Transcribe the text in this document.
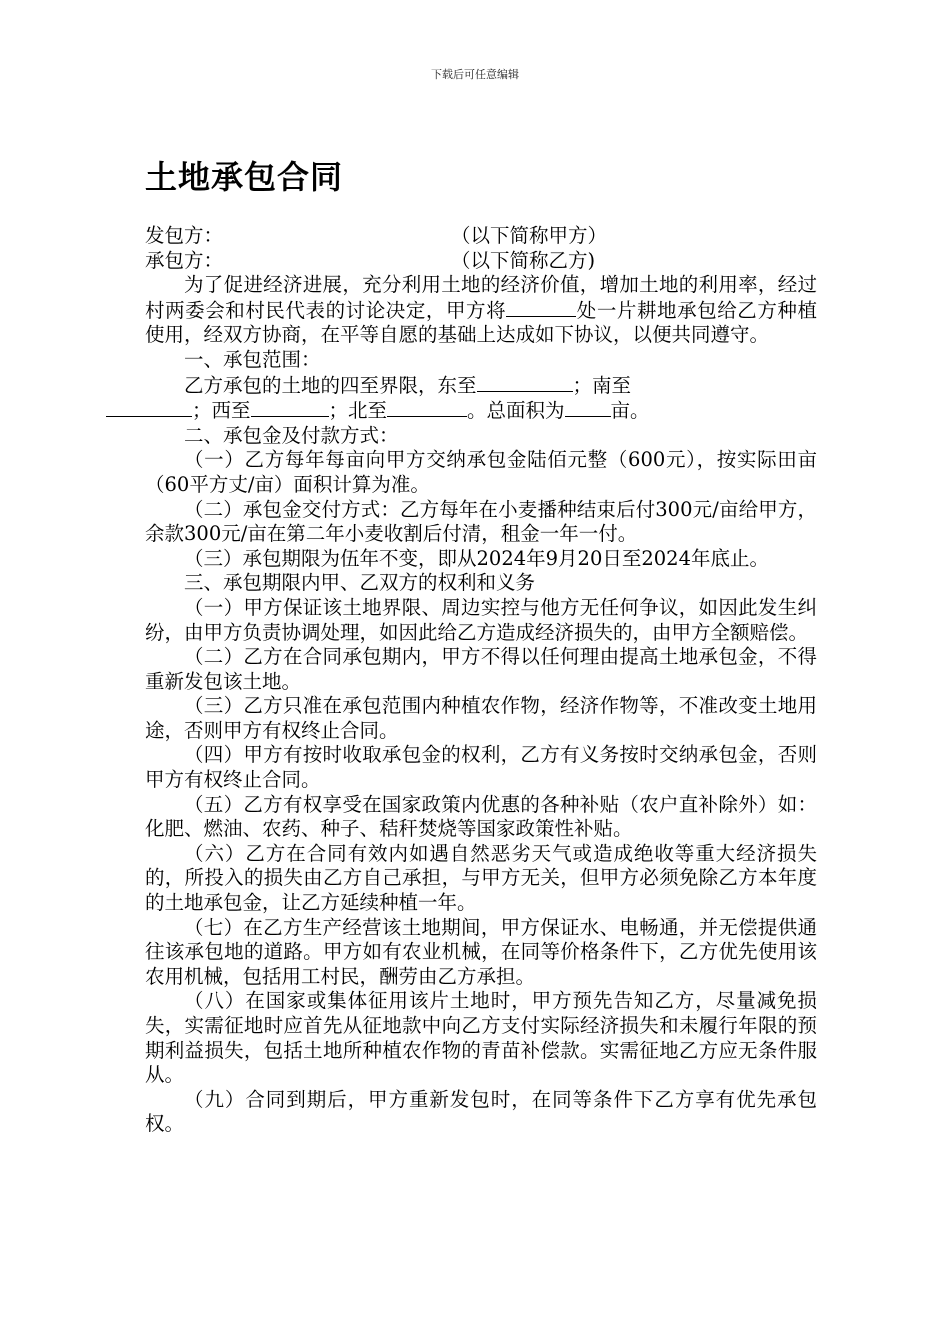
下载后可任意编辑
土地承包合同
发包方：	（以下简称甲方）
承包方：	（以下简称乙方)

为了促进经济进展，充分利用土地的经济价值，增加土地的利用率，经过村两委会和村民代表的讨论决定，甲方将	处一片耕地承包给乙方种植使用，经双方协商，在平等自愿的基础上达成如下协议，以便共同遵守。

一、承包范围：

乙方承包的土地的四至界限，东至	；南至
；西至	；北至	。总面积为 亩。

二、承包金及付款方式：

（一）乙方每年每亩向甲方交纳承包金陆佰元整（600元），按实际田亩（60平方丈/亩）面积计算为准。

（二）承包金交付方式：乙方每年在小麦播种结束后付300元/亩给甲方，余款300元/亩在第二年小麦收割后付清，租金一年一付。

（三）承包期限为伍年不变，即从2024年9月20日至2024年底止。

三、承包期限内甲、乙双方的权利和义务

（一）甲方保证该土地界限、周边实控与他方无任何争议，如因此发生纠纷，由甲方负责协调处理，如因此给乙方造成经济损失的，由甲方全额赔偿。

（二）乙方在合同承包期内，甲方不得以任何理由提高土地承包金，不得重新发包该土地。

（三）乙方只准在承包范围内种植农作物，经济作物等，不准改变土地用途，否则甲方有权终止合同。

（四）甲方有按时收取承包金的权利，乙方有义务按时交纳承包金，否则甲方有权终止合同。

（五）乙方有权享受在国家政策内优惠的各种补贴（农户直补除外）如：化肥、燃油、农药、种子、秸秆焚烧等国家政策性补贴。

（六）乙方在合同有效内如遇自然恶劣天气或造成绝收等重大经济损失的，所投入的损失由乙方自己承担，与甲方无关，但甲方必须免除乙方本年度的土地承包金，让乙方延续种植一年。

（七）在乙方生产经营该土地期间，甲方保证水、电畅通，并无偿提供通往该承包地的道路。甲方如有农业机械，在同等价格条件下，乙方优先使用该农用机械，包括用工村民，酬劳由乙方承担。

（八）在国家或集体征用该片土地时，甲方预先告知乙方，尽量减免损失，实需征地时应首先从征地款中向乙方支付实际经济损失和未履行年限的预期利益损失，包括土地所种植农作物的青苗补偿款。实需征地乙方应无条件服从。

（九）合同到期后，甲方重新发包时，在同等条件下乙方享有优先承包权。
